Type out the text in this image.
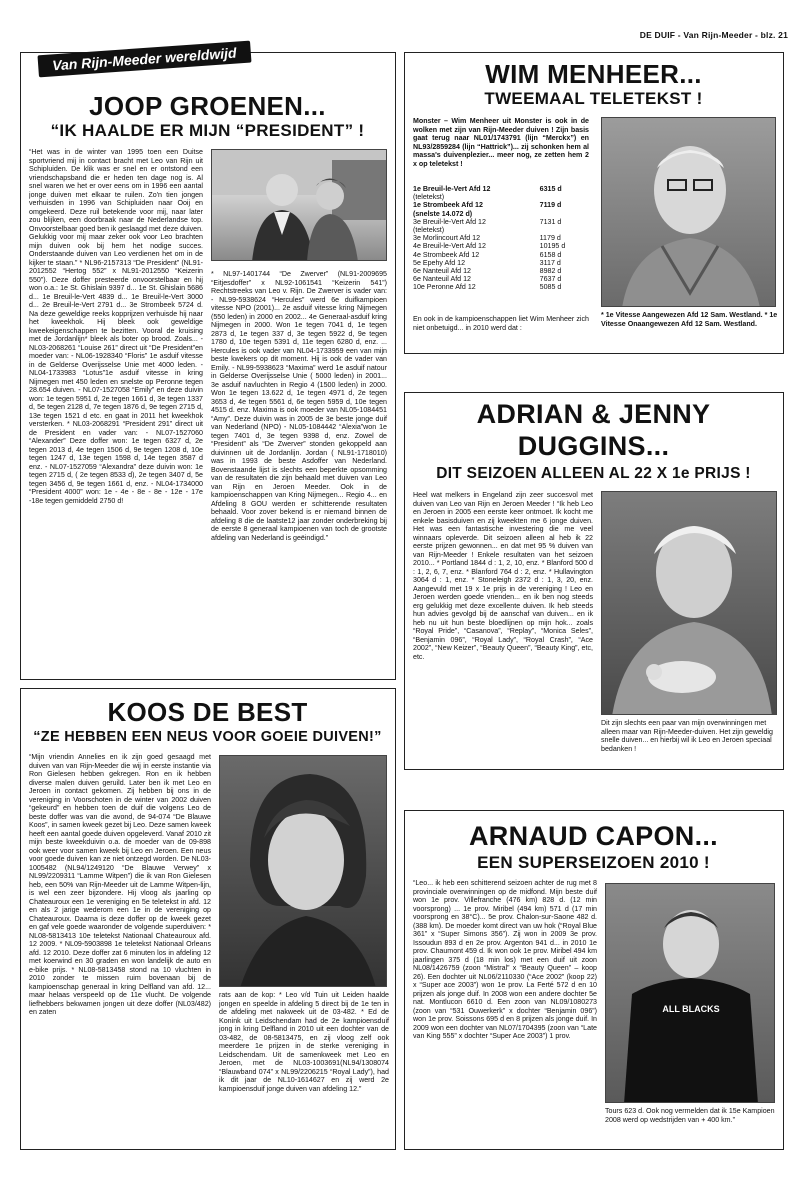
DE DUIF - Van Rijn-Meeder - blz. 21
JOOP GROENEN...
“IK HAALDE ER MIJN “PRESIDENT” !
“Het was in de winter van 1995 toen een Duitse sportvriend mij in contact bracht met Leo van Rijn uit Schipluiden. De klik was er snel en er ontstond een vriendschapsband die er heden ten dage nog is. Al snel waren we het er over eens om in 1996 een aantal jonge duiven met elkaar te ruilen. Zo'n tien jongen verhuisden in 1996 van Schipluiden naar Ooij en omgekeerd. Deze ruil betekende voor mij, naar later zou blijken, een doorbraak naar de Nederlandse top. Onvoorstelbaar goed ben ik geslaagd met deze duiven. Gelukkig voor mij maar zeker ook voor Leo brachten mijn duiven ook bij hem het nodige succes. Onderstaande duiven van Leo verdienen het om in de kijker te staan.” * NL96-2157313 “De President” (NL91-2012552 “Hertog 552” x NL91-2012550 “Keizerin 550”). Deze doffer presteerde onvoorstelbaar en hij won o.a.: 1e St. Ghislain 9397 d... 1e St. Ghislain 5686 d... 1e Breuil-le-Vert 4839 d... 1e Breuil-le-Vert 3000 d... 2e Breuil-le-Vert 2791 d... 3e Strombeek 5724 d. Na deze geweldige reeks kopprijzen verhuisde hij naar het kweekhok. Hij bleek ook geweldige kweekeigenschappen te bezitten. Vooral de kruising met de Jordanlijn* bleek als boter op brood. Zoals... - NL03-2068261 “Louise 261” direct uit “De President”en moeder van: - NL06-1928340 “Floris” 1e asduif vitesse in de Gelderse Overijsselse Unie met 4000 leden. - NL04-1733983 “Lotus”1e asduif vitesse in kring Nijmegen met 450 leden en snelste op Peronne tegen 28.654 duiven. - NL07-1527058 “Emily” en deze duivin won: 1e tegen 5951 d, 2e tegen 1661 d, 3e tegen 1337 d, 5e tegen 2128 d, 7e tegen 1876 d, 9e tegen 2715 d, 13e tegen 1521 d etc. en gaat in 2011 het kweekhok versterken. * NL03-2068291 “President 291” direct uit de President en vader van: - NL07-1527060 “Alexander” Deze doffer won: 1e tegen 6327 d, 2e tegen 2013 d, 4e tegen 1506 d, 9e tegen 1208 d, 10e tegen 1247 d, 13e tegen 1598 d, 14e tegen 3587 d enz. - NL07-1527059 “Alexandra” deze duivin won: 1e tegen 2715 d, ( 2e tegen 8533 d), 2e tegen 3407 d, 5e tegen 3456 d, 9e tegen 1661 d, enz. - NL04-1734000 “President 4000” won: 1e - 4e - 8e - 8e - 12e - 17e -18e tegen gemiddeld 2750 d!
* NL97-1401744 “De Zwerver” (NL91-2009695 “Eitjesdoffer” x NL92-1061541 “Keizerin 541”) Rechtstreeks van Leo v. Rijn. De Zwerver is vader van: - NL99-5938624 “Hercules” werd 6e duifkampioen vitesse NPO (2001)... 2e asduif vitesse kring Nijmegen (550 leden) in 2000 en 2002... 4e Generaal-asduif kring Nijmegen in 2000. Won 1e tegen 7041 d, 1e tegen 2873 d, 1e tegen 337 d, 3e tegen 5922 d, 9e tegen 1780 d, 10e tegen 5391 d, 11e tegen 6280 d, enz. ... Hercules is ook vader van NL04-1733959 een van mijn beste kwekers op dit moment. Hij is ook de vader van Emily. - NL99-5938623 “Maxima” werd 1e asduif natour in Gelderse Overijsselse Unie ( 5000 leden) in 2001... 3e asduif navluchten in Regio 4 (1500 leden) in 2000. Won 1e tegen 13.622 d, 1e tegen 4971 d, 2e tegen 3653 d, 4e tegen 5561 d, 6e tegen 5959 d, 10e tegen 4515 d. enz. Maxima is ook moeder van NL05-1084451 “Amy”. Deze duivin was in 2005 de 3e beste jonge duif van Nederland (NPO) - NL05-1084442 “Alexia”won 1e tegen 7401 d, 3e tegen 9398 d, enz. Zowel de “President” als “De Zwerver” stonden gekoppeld aan duivinnen uit de Jordanlijn. Jordan ( NL91-1718010) was in 1993 de beste Asdoffer van Nederland. Bovenstaande lijst is slechts een beperkte opsomming van de resultaten die zijn behaald met duiven van Leo van Rijn en Jeroen Meeder. Ook in de kampioenschappen van Kring Nijmegen... Regio 4... en Afdeling 8 GOU werden er schitterende resultaten behaald. Voor zover bekend is er niemand binnen de afdeling 8 die de laatste12 jaar zonder onderbreking bij de eerste 8 generaal kampioenen van toch de grootste afdeling van Nederland is geëindigd.”
Van Rijn-Meeder wereldwijd
WIM MENHEER...
TWEEMAAL TELETEKST !
Monster – Wim Menheer uit Monster is ook in de wolken met zijn van Rijn-Meeder duiven ! Zijn basis gaat terug naar NL01/1743791 (lijn “Merckx”) en NL93/2859284 (lijn “Hattrick”)... zij schonken hem al massa's duivenplezier... meer nog, ze zetten hem 2 x op teletekst !
1e Breuil-le-Vert Afd 12	6315 d
(teletekst)	
1e Strombeek Afd 12	7119 d
(snelste 14.072 d)	
3e Breuil-le-Vert Afd 12	7131 d
(teletekst)	
3e Morlincourt Afd 12	1179 d
4e Breuil-le-Vert Afd 12	10195 d
4e Strombeek Afd 12	6158 d
5e Epehy Afd 12	3117 d
6e Nanteuil Afd 12	8982 d
6e Nanteuil Afd 12	7637 d
10e Peronne Afd 12	5085 d
En ook in de kampioenschappen liet Wim Menheer zich niet onbetuigd... in 2010 werd dat :
* 1e Vitesse Aangewezen Afd 12 Sam. Westland. * 1e Vitesse Onaangewezen Afd 12 Sam. Westland.
ADRIAN & JENNY
DUGGINS...
DIT SEIZOEN ALLEEN AL 22 X 1e PRIJS !
Heel wat melkers in Engeland zijn zeer succesvol met duiven van Leo van Rijn en Jeroen Meeder ! “Ik heb Leo en Jeroen in 2005 een eerste keer ontmoet. Ik kocht me enkele basisduiven en zij kweekten me 6 jonge duiven. Het was een fantastische investering die me veel winnaars opleverde. Dit seizoen alleen al heb ik 22 eerste prijzen gewonnen... en dat met 95 % duiven van van Rijn-Meeder ! Enkele resultaten van het seizoen 2010... * Portland 1844 d : 1, 2, 10, enz. * Blanford 500 d : 1, 2, 6, 7, enz. * Blanford 764 d : 2, enz. * Hullavington 3064 d : 1, enz. * Stoneleigh 2372 d : 1, 3, 20, enz. Aangevuld met 19 x 1e prijs in de vereniging ! Leo en Jeroen werden goede vrienden... en ik ben nog steeds erg gelukkig met deze excellente duiven. Ik heb steeds hun advies gevolgd bij de aanschaf van duiven... en ik heb nu uit hun beste bloedlijnen op mijn hok... zoals “Royal Pride”, “Casanova”, “Replay”, “Monica Seles”, “Benjamin 096”, “Royal Lady”, “Royal Crash”, “Ace 2002”, “New Keizer”, “Beauty Queen”, “Beauty King”, etc, etc.
Dit zijn slechts een paar van mijn overwinningen met alleen maar van Rijn-Meeder-duiven. Het zijn geweldig snelle duiven... en hierbij wil ik Leo en Jeroen speciaal bedanken !
KOOS DE BEST
“ZE HEBBEN EEN NEUS VOOR GOEIE DUIVEN!”
“Mijn vriendin Annelies en ik zijn goed gesaagd met duiven van van Rijn-Meeder die wij in eerste instantie via Ron Gielesen hebben gekregen. Ron en ik hebben diverse malen duiven geruild. Later ben ik met Leo en Jeroen in contact gekomen. Zij hebben bij ons in de vereniging in Voorschoten in de winter van 2002 duiven “gekeurd” en hebben toen de duif die volgens Leo de beste doffer was van die avond, de 94-074 “De Blauwe Koos”, in samen kweek gezet bij Leo. Deze samen kweek heeft een aantal goede duiven opgeleverd. Vanaf 2010 zit mijn beste kweekduivin o.a. de moeder van de 09-898 ook weer voor samen kweek bij Leo en Jeroen. Een neus voor goede duiven kan ze niet ontzegd worden. De NL03-1005482 (NL94/1249120 “De Blauwe Verwey” x NL99/2209311 “Lamme Witpen”) die ik van Ron Gielesen heb, een 50% van Rijn-Meeder uit de Lamme Witpen-lijn, is wel een zeer bijzondere. Hij vloog als jaarling op Chateauroux een 1e vereniging en 5e teletekst in afd. 12 en als 2 jarige wederom een 1e in de vereniging op Chateauroux. Daarna is deze doffer op de kweek gezet en gaf vele goede waaronder de volgende superduiven: * NL08-5813413 10e teletekst Nationaal Chateauroux afd. 12 2009. * NL09-5903898 1e teletekst Nationaal Orleans afd. 12 2010. Deze doffer zat 6 minuten los in afdeling 12 met koerwind en 30 graden en won landelijk de auto en e-bike prijs. * NL08-5813458 stond na 10 vluchten in 2010 zonder te missen ruim bovenaan bij de kampioenschap generaal in kring Delfland van afd. 12... maar helaas verspeeld op de 11e vlucht. De volgende liefhebbers bekwamen jongen uit deze doffer (NL03/482) en zaten
rats aan de kop: * Leo v/d Tuin uit Leiden haalde jongen en speelde in afdeling 5 direct bij de 1e ten in de afdeling met nakweek uit de 03-482. * Ed de Konink uit Leidschendam had de 2e kampioensduif jong in kring Delfland in 2010 uit een dochter van de 03-482, de 08-5813475, en zij vloog zelf ook meerdere 1e prijzen in de sterke vereniging in Leidschendam. Uit de samenkweek met Leo en Jeroen, met de NL03-1003691(NL94/1308074 “Blauwband 074” x NL99/2206215 “Royal Lady”), had ik dit jaar de NL10-1614627 en zij werd 2e kampioensduif jonge duiven van afdeling 12.”
ARNAUD CAPON...
EEN SUPERSEIZOEN 2010 !
“Leo... ik heb een schitterend seizoen achter de rug met 8 provinciale overwinningen op de midfond. Mijn beste duif won 1e prov. Villefranche (476 km) 828 d. (12 min voorsprong) ... 1e prov. Miribel (494 km) 571 d (17 min voorsprong en 38°C)... 5e prov. Chalon-sur-Saone 482 d. (388 km). De moeder komt direct van uw hok (“Royal Blue 361” x “Super Simons 356”). Zij won in 2009 3e prov. Issoudun 893 d en 2e prov. Argenton 941 d... in 2010 1e prov. Chaumont 459 d. Ik won ook 1e prov. Miribel 494 km jaarlingen 375 d (18 min los) met een duif uit zoon NL08/1426759 (zoon “Mistral” x “Beauty Queen” – koop 26). Een dochter uit NL06/2110330 (“Ace 2002” (koop 22) x “Super ace 2003”) won 1e prov. La Ferté 572 d en 10 prijzen als jonge duif. In 2008 won een andere dochter 5e nat. Montlucon 6610 d. Een zoon van NL09/1080273 (zoon van “531 Ouwerkerk” x dochter “Benjamin 096”) won 1e prov. Soissons 695 d en 8 prijzen als jonge duif. In 2009 won een dochter van NL07/1704395 (zoon van “Late van King 555” x dochter “Super Ace 2003”) 1 prov.
ALL BLACKS
Tours 623 d. Ook nog vermelden dat ik 15e Kampioen 2008 werd op wedstrijden van + 400 km.”
